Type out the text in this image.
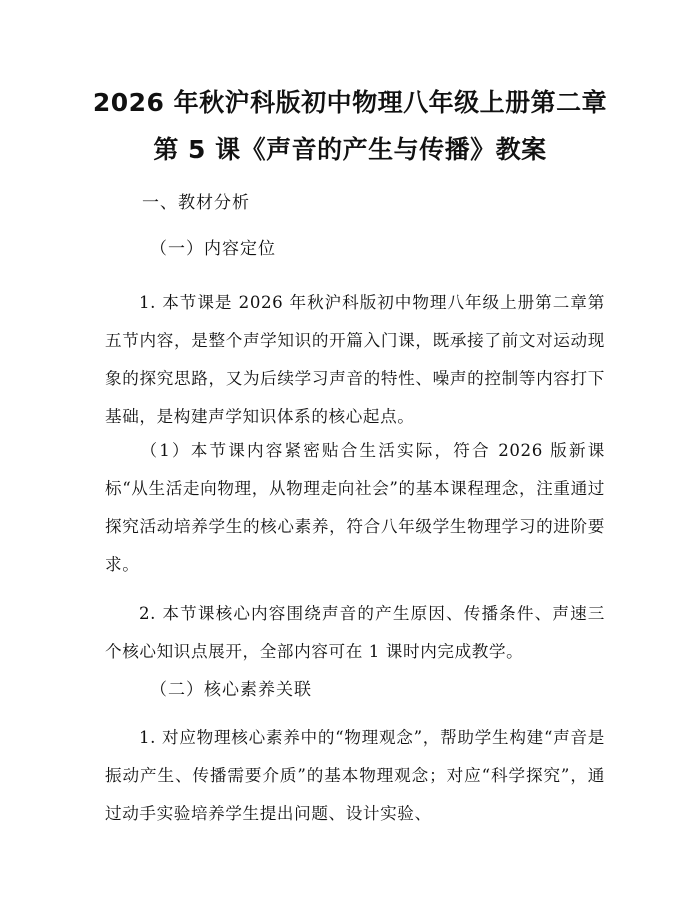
2026 年秋沪科版初中物理八年级上册第二章
第 5 课《声音的产生与传播》教案
一、教材分析
（一）内容定位
1. 本节课是 2026 年秋沪科版初中物理八年级上册第二章第五节内容，是整个声学知识的开篇入门课，既承接了前文对运动现象的探究思路，又为后续学习声音的特性、噪声的控制等内容打下基础，是构建声学知识体系的核心起点。
（1）本节课内容紧密贴合生活实际，符合 2026 版新课标“从生活走向物理，从物理走向社会”的基本课程理念，注重通过探究活动培养学生的核心素养，符合八年级学生物理学习的进阶要求。
2. 本节课核心内容围绕声音的产生原因、传播条件、声速三个核心知识点展开，全部内容可在 1 课时内完成教学。
（二）核心素养关联
1. 对应物理核心素养中的“物理观念”，帮助学生构建“声音是振动产生、传播需要介质”的基本物理观念；对应“科学探究”，通过动手实验培养学生提出问题、设计实验、
